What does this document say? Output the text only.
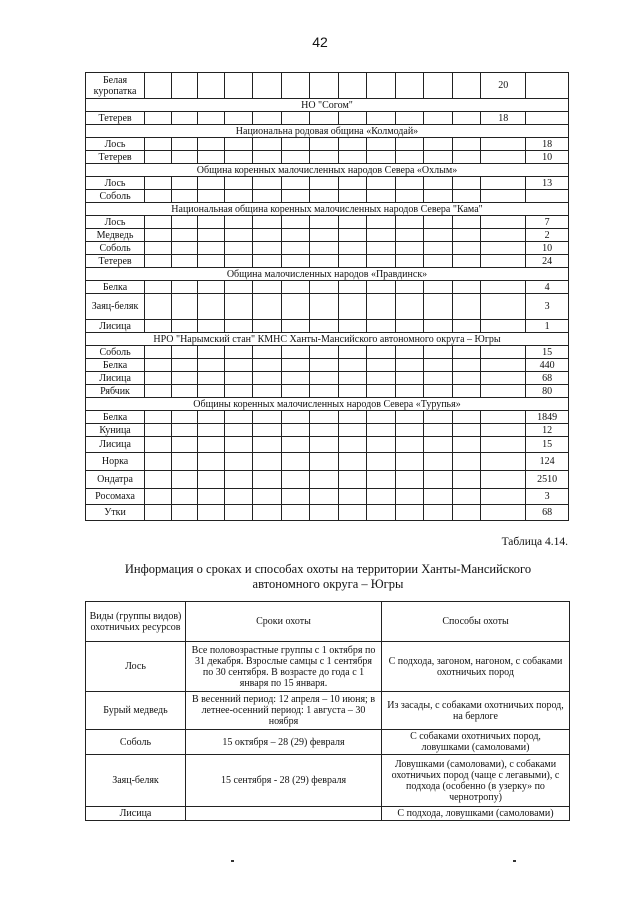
42
Белая куропатка													20	
НО "Согом"														
Тетерев													18	
Национальна родовая община «Колмодай»														
Лось														18
Тетерев														10
Община коренных малочисленных народов Севера «Охлым»														
Лось														13
Соболь														
Национальная община коренных малочисленных народов Севера "Кама"														
Лось														7
Медведь														2
Соболь														10
Тетерев														24
Община малочисленных народов «Правдинск»														
Белка														4
Заяц-беляк														3
Лисица														1
НРО "Нарымский стан" КМНС Ханты-Мансийского автономного округа – Югры														
Соболь														15
Белка														440
Лисица														68
Рябчик														80
Общины коренных малочисленных народов Севера «Турупья»														
Белка														1849
Куница														12
Лисица														15
Норка														124
Ондатра														2510
Росомаха														3
Утки														68
Таблица 4.14.
Информация о сроках и способах охоты на территории Ханты-Мансийского автономного округа – Югры
Виды (группы видов) охотничьих ресурсов	Сроки охоты	Способы охоты
Лось	Все половозрастные группы с 1 октября по 31 декабря. Взрослые самцы с 1 сентября по 30 сентября. В возрасте до года с 1 января по 15 января.	С подхода, загоном, нагоном, с собаками охотничьих пород
Бурый медведь	В весенний период: 12 апреля – 10 июня; в летнее-осенний период: 1 августа – 30 ноября	Из засады, с собаками охотничьих пород, на берлоге
Соболь	15 октября – 28 (29) февраля	С собаками охотничьих пород, ловушками (самоловами)
Заяц-беляк	15 сентября - 28 (29) февраля	Ловушками (самоловами), с собаками охотничьих пород (чаще с легавыми), с подхода (особенно (в узерку» по чернотропу)
Лисица		С подхода, ловушками (самоловами)
